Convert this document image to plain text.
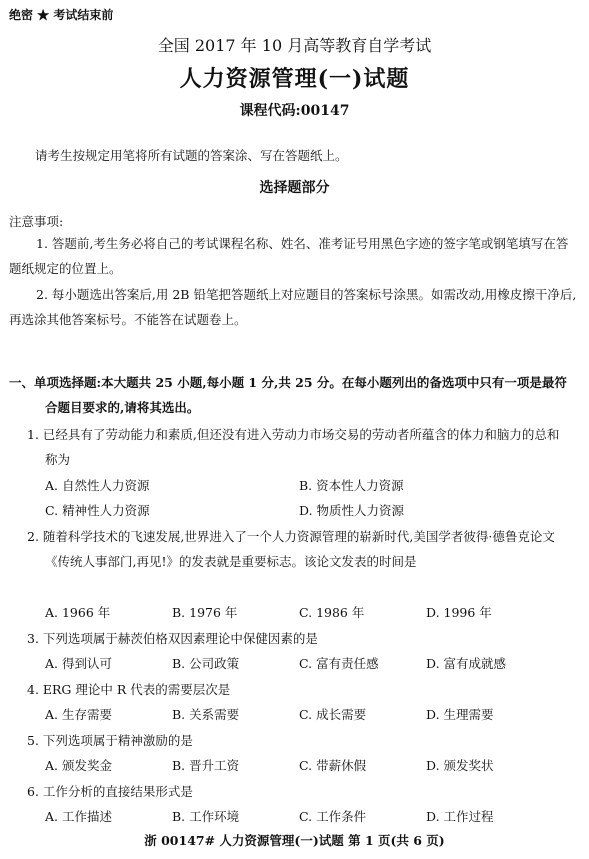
绝密 ★ 考试结束前
全国 2017 年 10 月高等教育自学考试
人力资源管理(一)试题
课程代码:00147
请考生按规定用笔将所有试题的答案涂、写在答题纸上。
选择题部分
注意事项:
1. 答题前,考生务必将自己的考试课程名称、姓名、准考证号用黑色字迹的签字笔或钢笔填写在答题纸规定的位置上。
2. 每小题选出答案后,用 2B 铅笔把答题纸上对应题目的答案标号涂黑。如需改动,用橡皮擦干净后,再选涂其他答案标号。不能答在试题卷上。
一、单项选择题:本大题共 25 小题,每小题 1 分,共 25 分。在每小题列出的备选项中只有一项是最符合题目要求的,请将其选出。
1. 已经具有了劳动能力和素质,但还没有进入劳动力市场交易的劳动者所蕴含的体力和脑力的总和称为
A. 自然性人力资源	B. 资本性人力资源
C. 精神性人力资源	D. 物质性人力资源
2. 随着科学技术的飞速发展,世界进入了一个人力资源管理的崭新时代,美国学者彼得·德鲁克论文《传统人事部门,再见!》的发表就是重要标志。该论文发表的时间是
A. 1966 年	B. 1976 年	C. 1986 年	D. 1996 年
3. 下列选项属于赫茨伯格双因素理论中保健因素的是
A. 得到认可	B. 公司政策	C. 富有责任感	D. 富有成就感
4. ERG 理论中 R 代表的需要层次是
A. 生存需要	B. 关系需要	C. 成长需要	D. 生理需要
5. 下列选项属于精神激励的是
A. 颁发奖金	B. 晋升工资	C. 带薪休假	D. 颁发奖状
6. 工作分析的直接结果形式是
A. 工作描述	B. 工作环境	C. 工作条件	D. 工作过程
浙 00147# 人力资源管理(一)试题 第 1 页(共 6 页)
